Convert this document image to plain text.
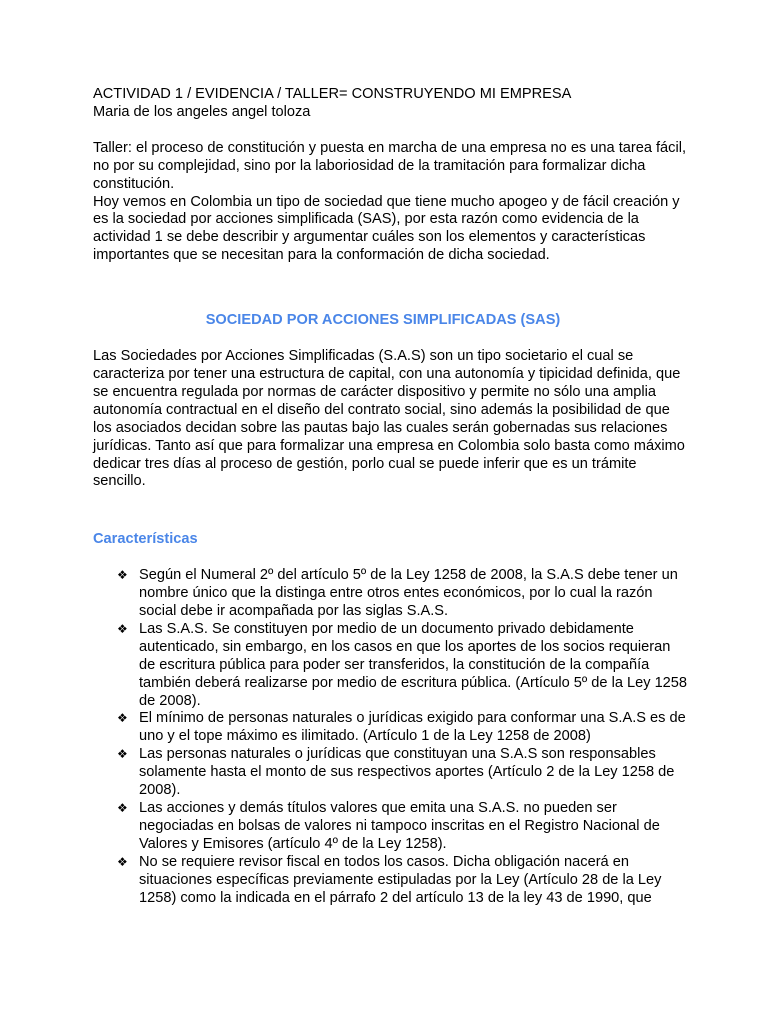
ACTIVIDAD 1 / EVIDENCIA / TALLER= CONSTRUYENDO MI EMPRESA
Maria de los angeles angel toloza
Taller: el proceso de constitución y puesta en marcha de una empresa no es una tarea fácil,
no por su complejidad, sino por la laboriosidad de la tramitación para formalizar dicha
constitución.
Hoy vemos en Colombia un tipo de sociedad que tiene mucho apogeo y de fácil creación y
es la sociedad por acciones simplificada (SAS), por esta razón como evidencia de la
actividad 1 se debe describir y argumentar cuáles son los elementos y características
importantes que se necesitan para la conformación de dicha sociedad.
SOCIEDAD POR ACCIONES SIMPLIFICADAS (SAS)
Las Sociedades por Acciones Simplificadas (S.A.S) son un tipo societario el cual se
caracteriza por tener una estructura de capital, con una autonomía y tipicidad definida, que
se encuentra regulada por normas de carácter dispositivo y permite no sólo una amplia
autonomía contractual en el diseño del contrato social, sino además la posibilidad de que
los asociados decidan sobre las pautas bajo las cuales serán gobernadas sus relaciones
jurídicas. Tanto así que para formalizar una empresa en Colombia solo basta como máximo
dedicar tres días al proceso de gestión, porlo cual se puede inferir que es un trámite
sencillo.
Características
❖ Según el Numeral 2º del artículo 5º de la Ley 1258 de 2008, la S.A.S debe tener un
nombre único que la distinga entre otros entes económicos, por lo cual la razón
social debe ir acompañada por las siglas S.A.S.
❖ Las S.A.S. Se constituyen por medio de un documento privado debidamente
autenticado, sin embargo, en los casos en que los aportes de los socios requieran
de escritura pública para poder ser transferidos, la constitución de la compañía
también deberá realizarse por medio de escritura pública. (Artículo 5º de la Ley 1258
de 2008).
❖ El mínimo de personas naturales o jurídicas exigido para conformar una S.A.S es de
uno y el tope máximo es ilimitado. (Artículo 1 de la Ley 1258 de 2008)
❖ Las personas naturales o jurídicas que constituyan una S.A.S son responsables
solamente hasta el monto de sus respectivos aportes (Artículo 2 de la Ley 1258 de
2008).
❖ Las acciones y demás títulos valores que emita una S.A.S. no pueden ser
negociadas en bolsas de valores ni tampoco inscritas en el Registro Nacional de
Valores y Emisores (artículo 4º de la Ley 1258).
❖ No se requiere revisor fiscal en todos los casos. Dicha obligación nacerá en
situaciones específicas previamente estipuladas por la Ley (Artículo 28 de la Ley
1258) como la indicada en el párrafo 2 del artículo 13 de la ley 43 de 1990, que
